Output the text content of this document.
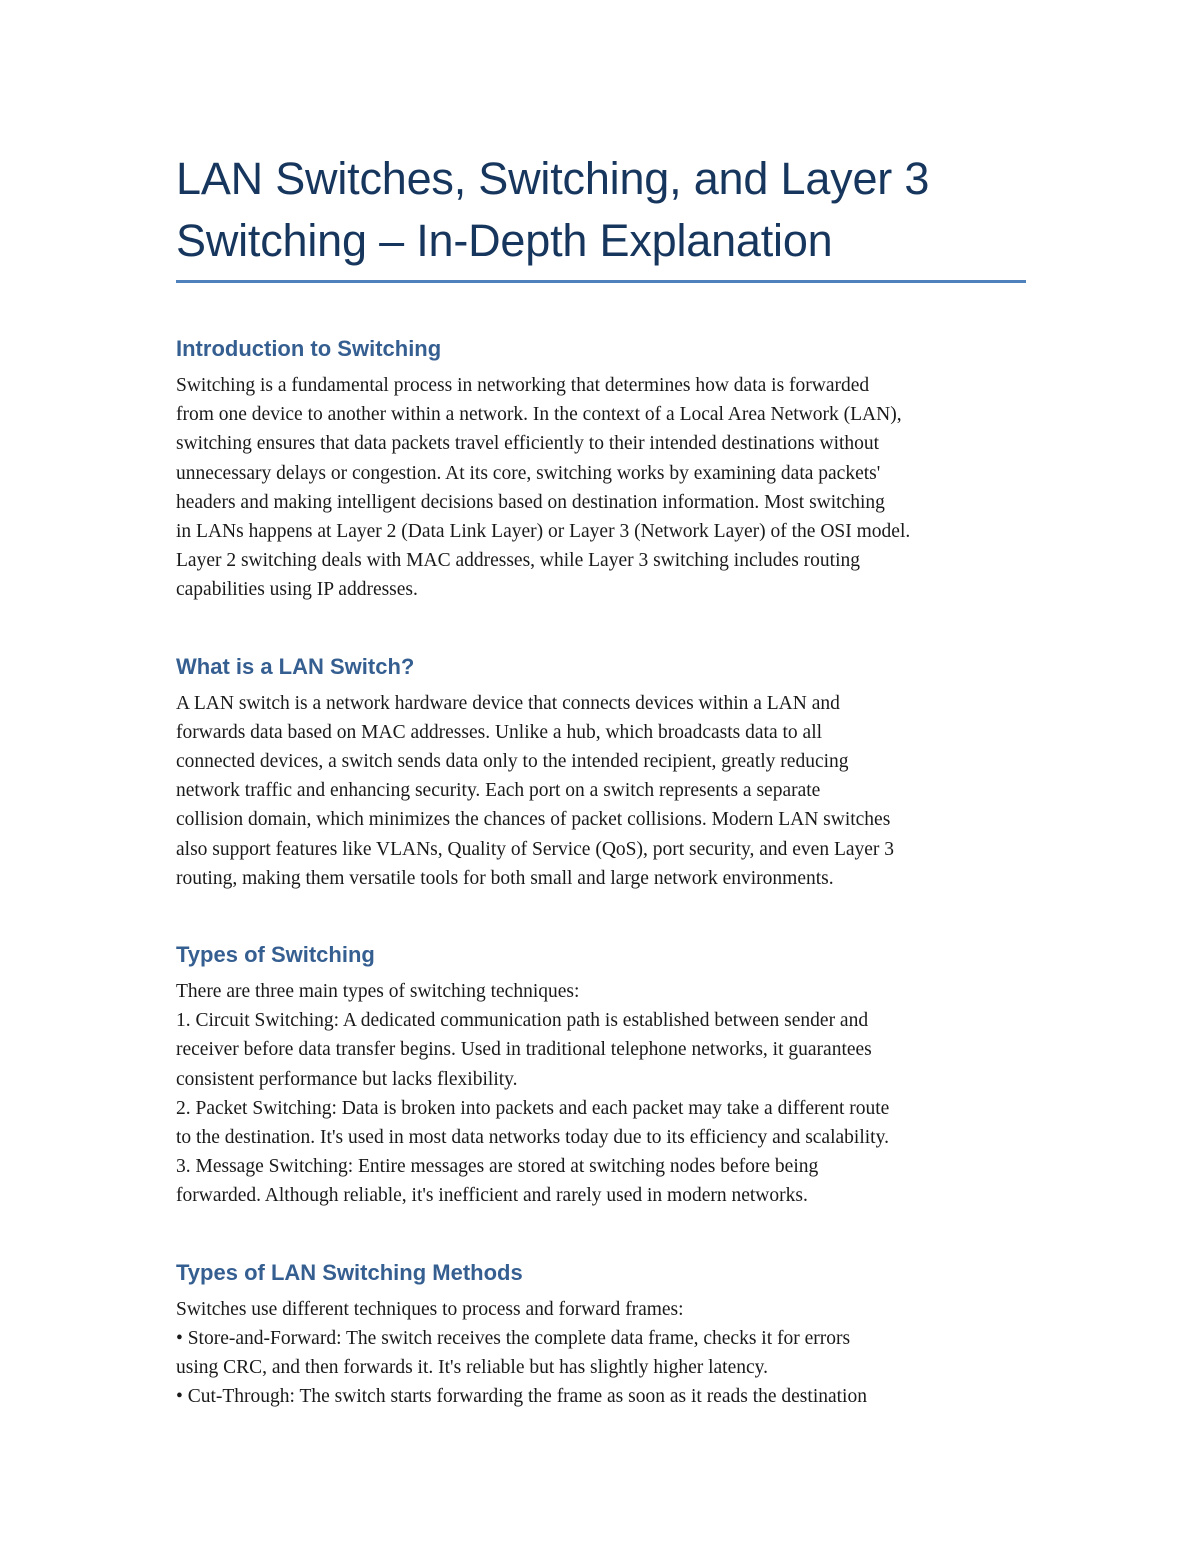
LAN Switches, Switching, and Layer 3
Switching – In-Depth Explanation
Introduction to Switching

Switching is a fundamental process in networking that determines how data is forwarded
from one device to another within a network. In the context of a Local Area Network (LAN),
switching ensures that data packets travel efficiently to their intended destinations without
unnecessary delays or congestion. At its core, switching works by examining data packets'
headers and making intelligent decisions based on destination information. Most switching
in LANs happens at Layer 2 (Data Link Layer) or Layer 3 (Network Layer) of the OSI model.
Layer 2 switching deals with MAC addresses, while Layer 3 switching includes routing
capabilities using IP addresses.

What is a LAN Switch?

A LAN switch is a network hardware device that connects devices within a LAN and
forwards data based on MAC addresses. Unlike a hub, which broadcasts data to all
connected devices, a switch sends data only to the intended recipient, greatly reducing
network traffic and enhancing security. Each port on a switch represents a separate
collision domain, which minimizes the chances of packet collisions. Modern LAN switches
also support features like VLANs, Quality of Service (QoS), port security, and even Layer 3
routing, making them versatile tools for both small and large network environments.

Types of Switching

There are three main types of switching techniques:
1. Circuit Switching: A dedicated communication path is established between sender and
receiver before data transfer begins. Used in traditional telephone networks, it guarantees
consistent performance but lacks flexibility.
2. Packet Switching: Data is broken into packets and each packet may take a different route
to the destination. It's used in most data networks today due to its efficiency and scalability.
3. Message Switching: Entire messages are stored at switching nodes before being
forwarded. Although reliable, it's inefficient and rarely used in modern networks.

Types of LAN Switching Methods

Switches use different techniques to process and forward frames:
• Store-and-Forward: The switch receives the complete data frame, checks it for errors
using CRC, and then forwards it. It's reliable but has slightly higher latency.
• Cut-Through: The switch starts forwarding the frame as soon as it reads the destination
